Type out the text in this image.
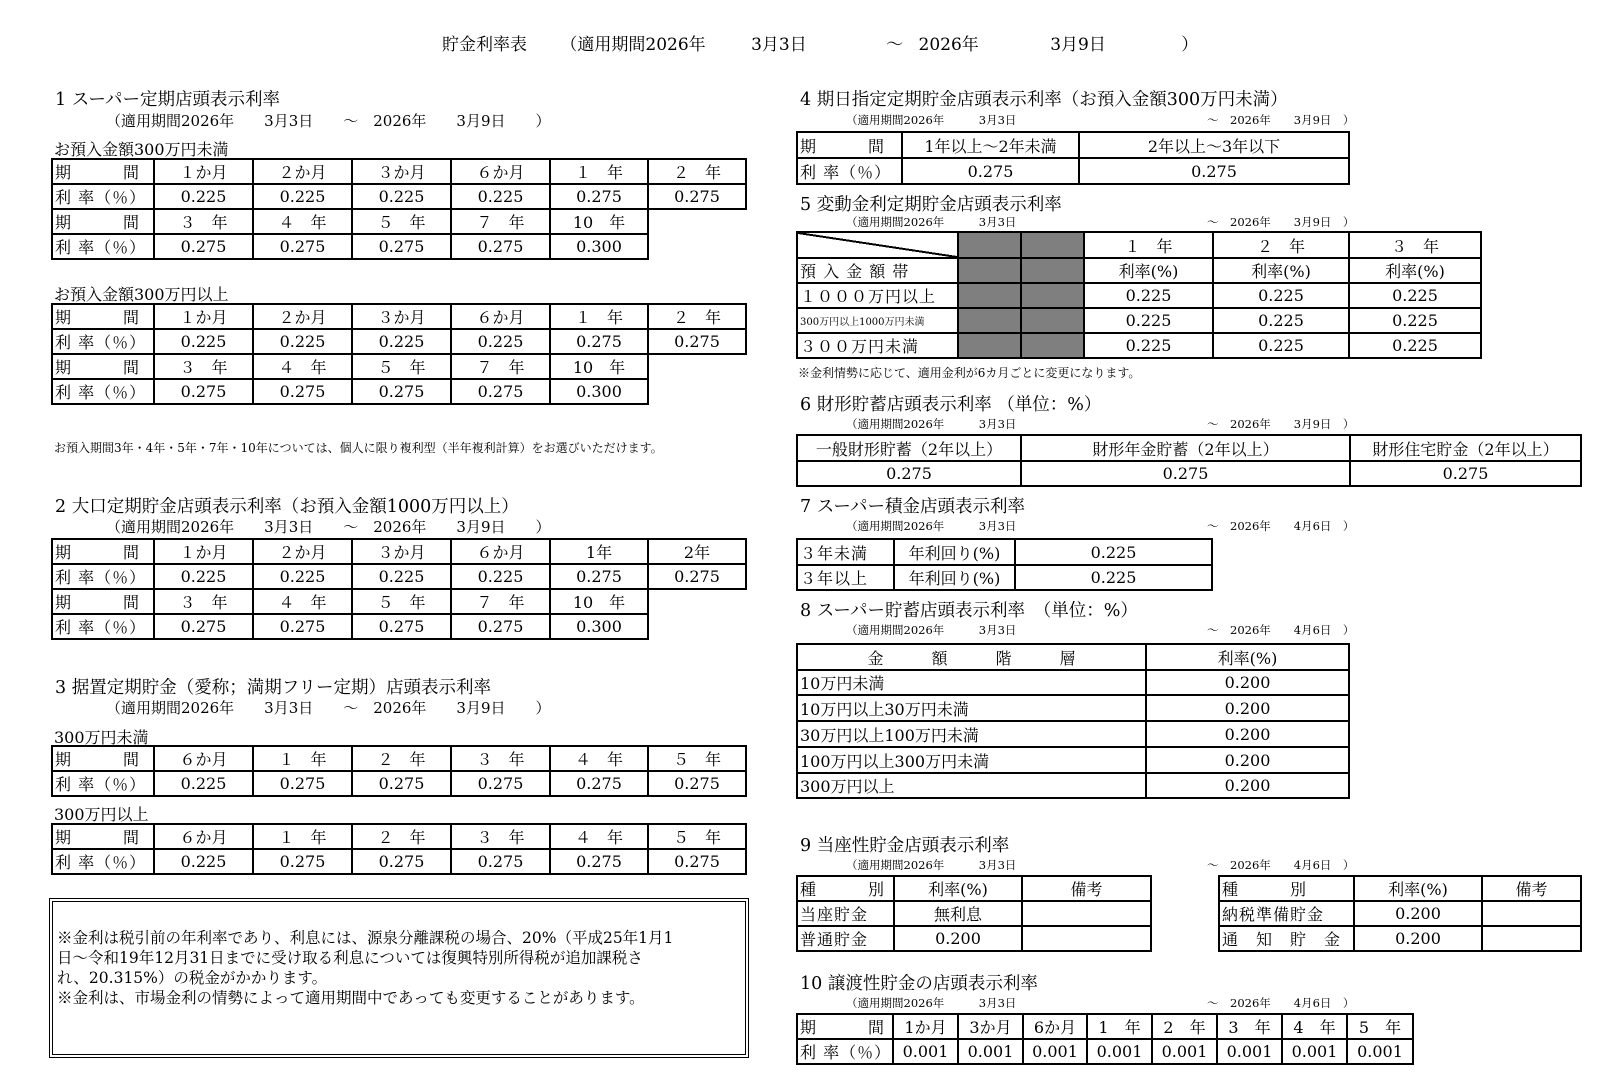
貯金利率表 （適用期間2026年	3月3日	～ 2026年	3月9日	）
1 スーパー定期店頭表示利率
（適用期間2026年　　3月3日　　～　2026年　　3月9日　　）
お預入金額300万円未満
期　　　間	１か月	２か月	３か月	６か月	１　年	２　年
利 率（％）	0.225	0.225	0.225	0.225	0.275	0.275
期　　　間	３　年	４　年	５　年	７　年	10　年
利 率（％）	0.275	0.275	0.275	0.275	0.300
お預入金額300万円以上
期　　　間	１か月	２か月	３か月	６か月	１　年	２　年
利 率（％）	0.225	0.225	0.225	0.225	0.275	0.275
期　　　間	３　年	４　年	５　年	７　年	10　年
利 率（％）	0.275	0.275	0.275	0.275	0.300
お預入期間3年・4年・5年・7年・10年については、個人に限り複利型（半年複利計算）をお選びいただけます。
2 大口定期貯金店頭表示利率（お預入金額1000万円以上）
（適用期間2026年　　3月3日　　～　2026年　　3月9日　　）
期　　　間	１か月	２か月	３か月	６か月	1年	2年
利 率（％）	0.225	0.225	0.225	0.225	0.275	0.275
期　　　間	３　年	４　年	５　年	７　年	10　年
利 率（％）	0.275	0.275	0.275	0.275	0.300
3 据置定期貯金（愛称；満期フリー定期）店頭表示利率
（適用期間2026年　　3月3日　　～　2026年　　3月9日　　）
300万円未満
期　　　間	６か月	１　年	２　年	３　年	４　年	５　年
利 率（％）	0.225	0.275	0.275	0.275	0.275	0.275
300万円以上
期　　　間	６か月	１　年	２　年	３　年	４　年	５　年
利 率（％）	0.225	0.275	0.275	0.275	0.275	0.275

※金利は税引前の年利率であり、利息には、源泉分離課税の場合、20%（平成25年1月1

日～令和19年12月31日までに受け取る利息については復興特別所得税が追加課税さ

れ、20.315%）の税金がかかります。

※金利は、市場金利の情勢によって適用期間中であっても変更することがあります。

4 期日指定定期貯金店頭表示利率（お預入金額300万円未満）
（適用期間2026年　　　3月3日	～　2026年　　3月9日　）
期　　　間	1年以上～2年未満	2年以上～3年以下
利 率（％）	0.275	0.275
5 変動金利定期貯金店頭表示利率
（適用期間2026年　　　3月3日	～　2026年　　3月9日　）
			１　年	２　年	３　年
預 入 金 額 帯			利率(%)	利率(%)	利率(%)
１０００万円以上			0.225	0.225	0.225
300万円以上1000万円未満			0.225	0.225	0.225
３００万円未満			0.225	0.225	0.225
※金利情勢に応じて、適用金利が6カ月ごとに変更になります。
6 財形貯蓄店頭表示利率 （単位：%）
（適用期間2026年　　　3月3日	～　2026年　　3月9日　）
一般財形貯蓄（2年以上）	財形年金貯蓄（2年以上）	財形住宅貯金（2年以上）
0.275	0.275	0.275
7 スーパー積金店頭表示利率
（適用期間2026年　　　3月3日	～　2026年　　4月6日　）
３年未満	年利回り(%)	0.225
３年以上	年利回り(%)	0.225
8 スーパー貯蓄店頭表示利率　（単位：%）
（適用期間2026年　　　3月3日	～　2026年　　4月6日　）
金　　　額　　　階　　　層	利率(%)
10万円未満	0.200
10万円以上30万円未満	0.200
30万円以上100万円未満	0.200
100万円以上300万円未満	0.200
300万円以上	0.200
9 当座性貯金店頭表示利率
（適用期間2026年　　　3月3日	～　2026年　　4月6日　）
種　　　別	利率(%)	備考
当座貯金	無利息	
普通貯金	0.200	
種　　　別	利率(%)	備考
納税準備貯金	0.200	
通　知　貯　金	0.200	
10 譲渡性貯金の店頭表示利率
（適用期間2026年　　　3月3日	～　2026年　　4月6日　）
期　　　間	1か月	3か月	6か月	1　年	2　年	3　年	4　年	5　年
利 率（％）	0.001	0.001	0.001	0.001	0.001	0.001	0.001	0.001
